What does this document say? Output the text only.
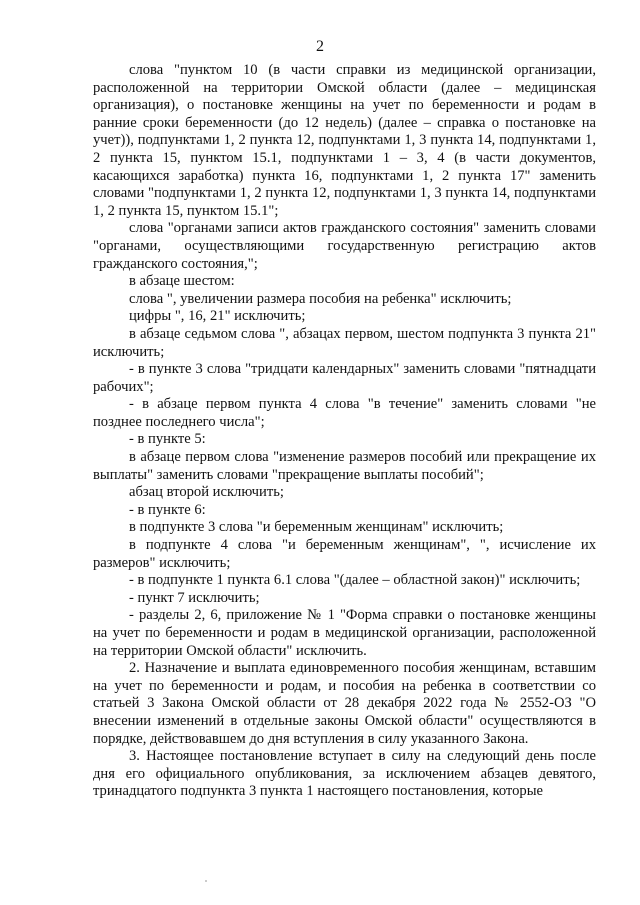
2

слова "пунктом 10 (в части справки из медицинской организации, расположенной на территории Омской области (далее – медицинская организация), о постановке женщины на учет по беременности и родам в ранние сроки беременности (до 12 недель) (далее – справка о постановке на учет)), подпунктами 1, 2 пункта 12, подпунктами 1, 3 пункта 14, подпунктами 1, 2 пункта 15, пунктом 15.1, подпунктами 1 – 3, 4 (в части документов, касающихся заработка) пункта 16, подпунктами 1, 2 пункта 17" заменить словами "подпунктами 1, 2 пункта 12, подпунктами 1, 3 пункта 14, подпунктами 1, 2 пункта 15, пунктом 15.1";

слова "органами записи актов гражданского состояния" заменить словами "органами, осуществляющими государственную регистрацию актов гражданского состояния,";

в абзаце шестом:

слова ", увеличении размера пособия на ребенка" исключить;

цифры ", 16, 21" исключить;

в абзаце седьмом слова ", абзацах первом, шестом подпункта 3 пункта 21" исключить;

- в пункте 3 слова "тридцати календарных" заменить словами "пятнадцати рабочих";

- в абзаце первом пункта 4 слова "в течение" заменить словами "не позднее последнего числа";

- в пункте 5:

в абзаце первом слова "изменение размеров пособий или прекращение их выплаты" заменить словами "прекращение выплаты пособий";

абзац второй исключить;

- в пункте 6:

в подпункте 3 слова "и беременным женщинам" исключить;

в подпункте 4 слова "и беременным женщинам", ", исчисление их размеров" исключить;

- в подпункте 1 пункта 6.1 слова "(далее – областной закон)" исключить;

- пункт 7 исключить;

- разделы 2, 6, приложение № 1 "Форма справки о постановке женщины на учет по беременности и родам в медицинской организации, расположенной на территории Омской области" исключить.

2. Назначение и выплата единовременного пособия женщинам, вставшим на учет по беременности и родам, и пособия на ребенка в соответствии со статьей 3 Закона Омской области от 28 декабря 2022 года № 2552-ОЗ "О внесении изменений в отдельные законы Омской области" осуществляются в порядке, действовавшем до дня вступления в силу указанного Закона.

3. Настоящее постановление вступает в силу на следующий день после дня его официального опубликования, за исключением абзацев девятого, тринадцатого подпункта 3 пункта 1 настоящего постановления, которые
